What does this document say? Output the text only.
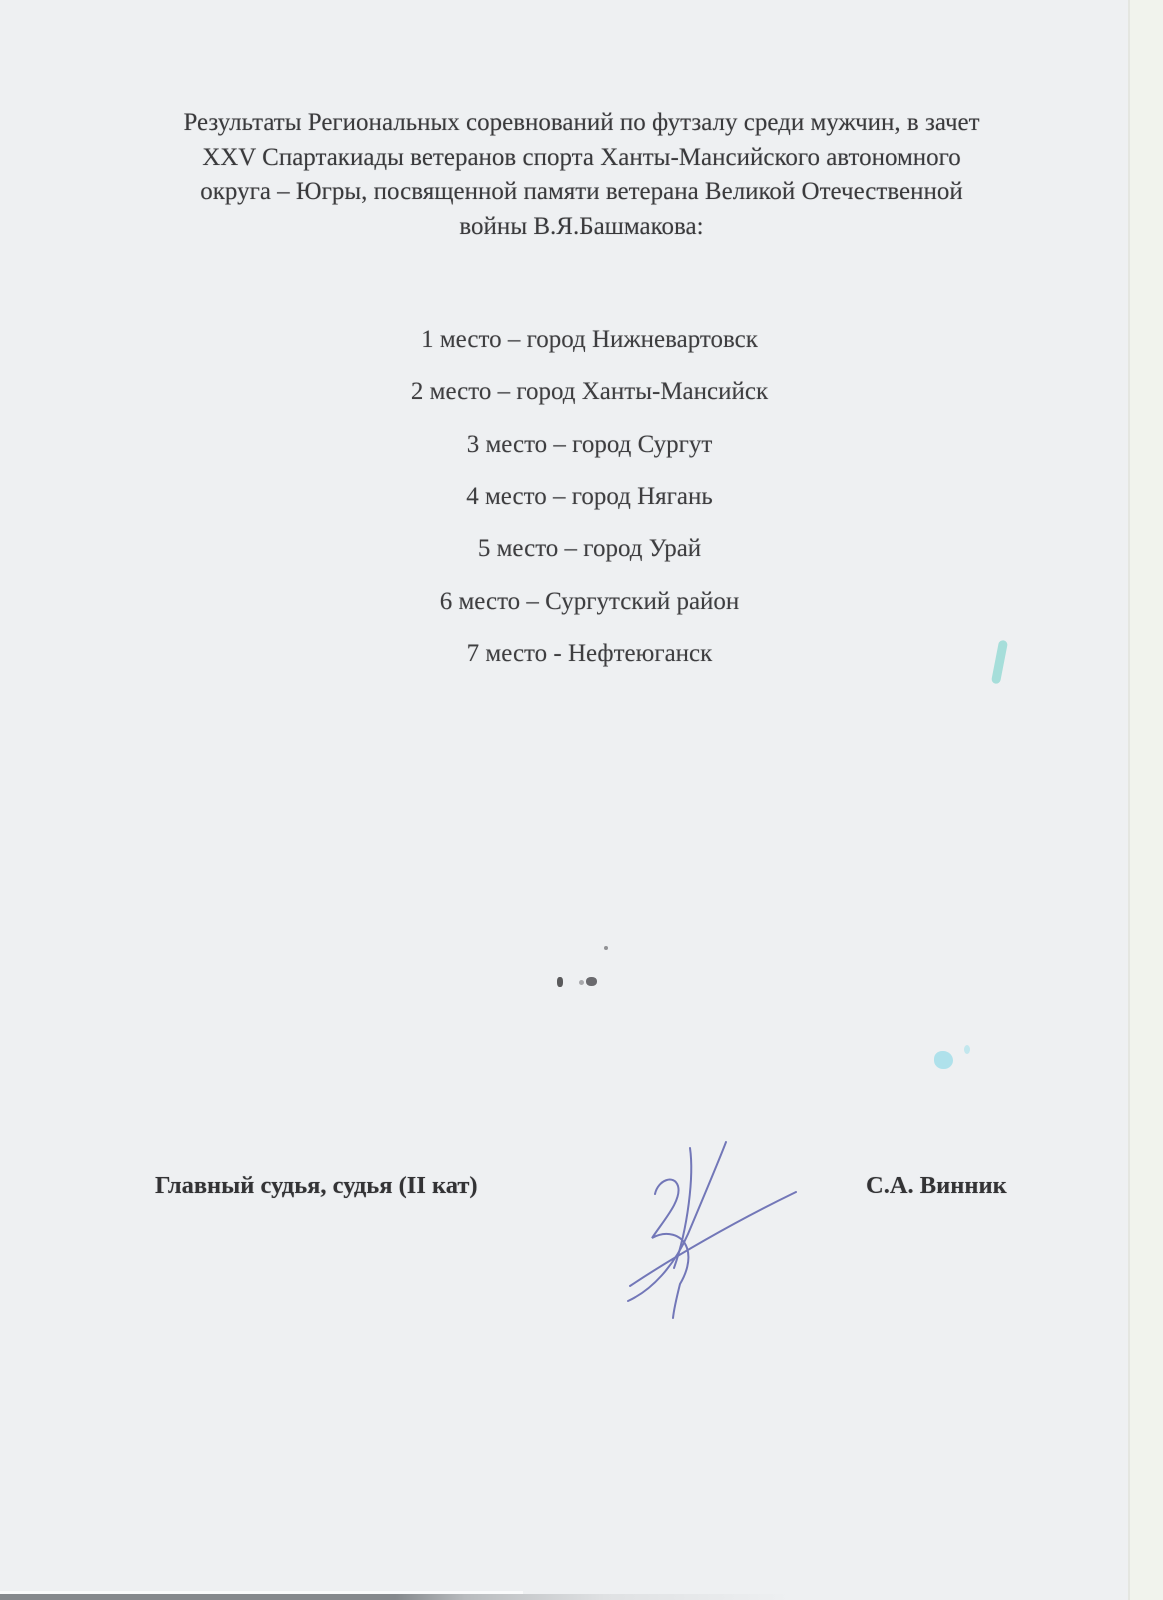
Результаты Региональных соревнований по футзалу среди мужчин, в зачет
XXV Спартакиады ветеранов спорта Ханты-Мансийского автономного
округа – Югры, посвященной памяти ветерана Великой Отечественной
войны В.Я.Башмакова:
1 место – город Нижневартовск
2 место – город Ханты-Мансийск
3 место – город Сургут
4 место – город Нягань
5 место – город Урай
6 место – Сургутский район
7 место - Нефтеюганск
Главный судья, судья (II кат)	С.А. Винник
